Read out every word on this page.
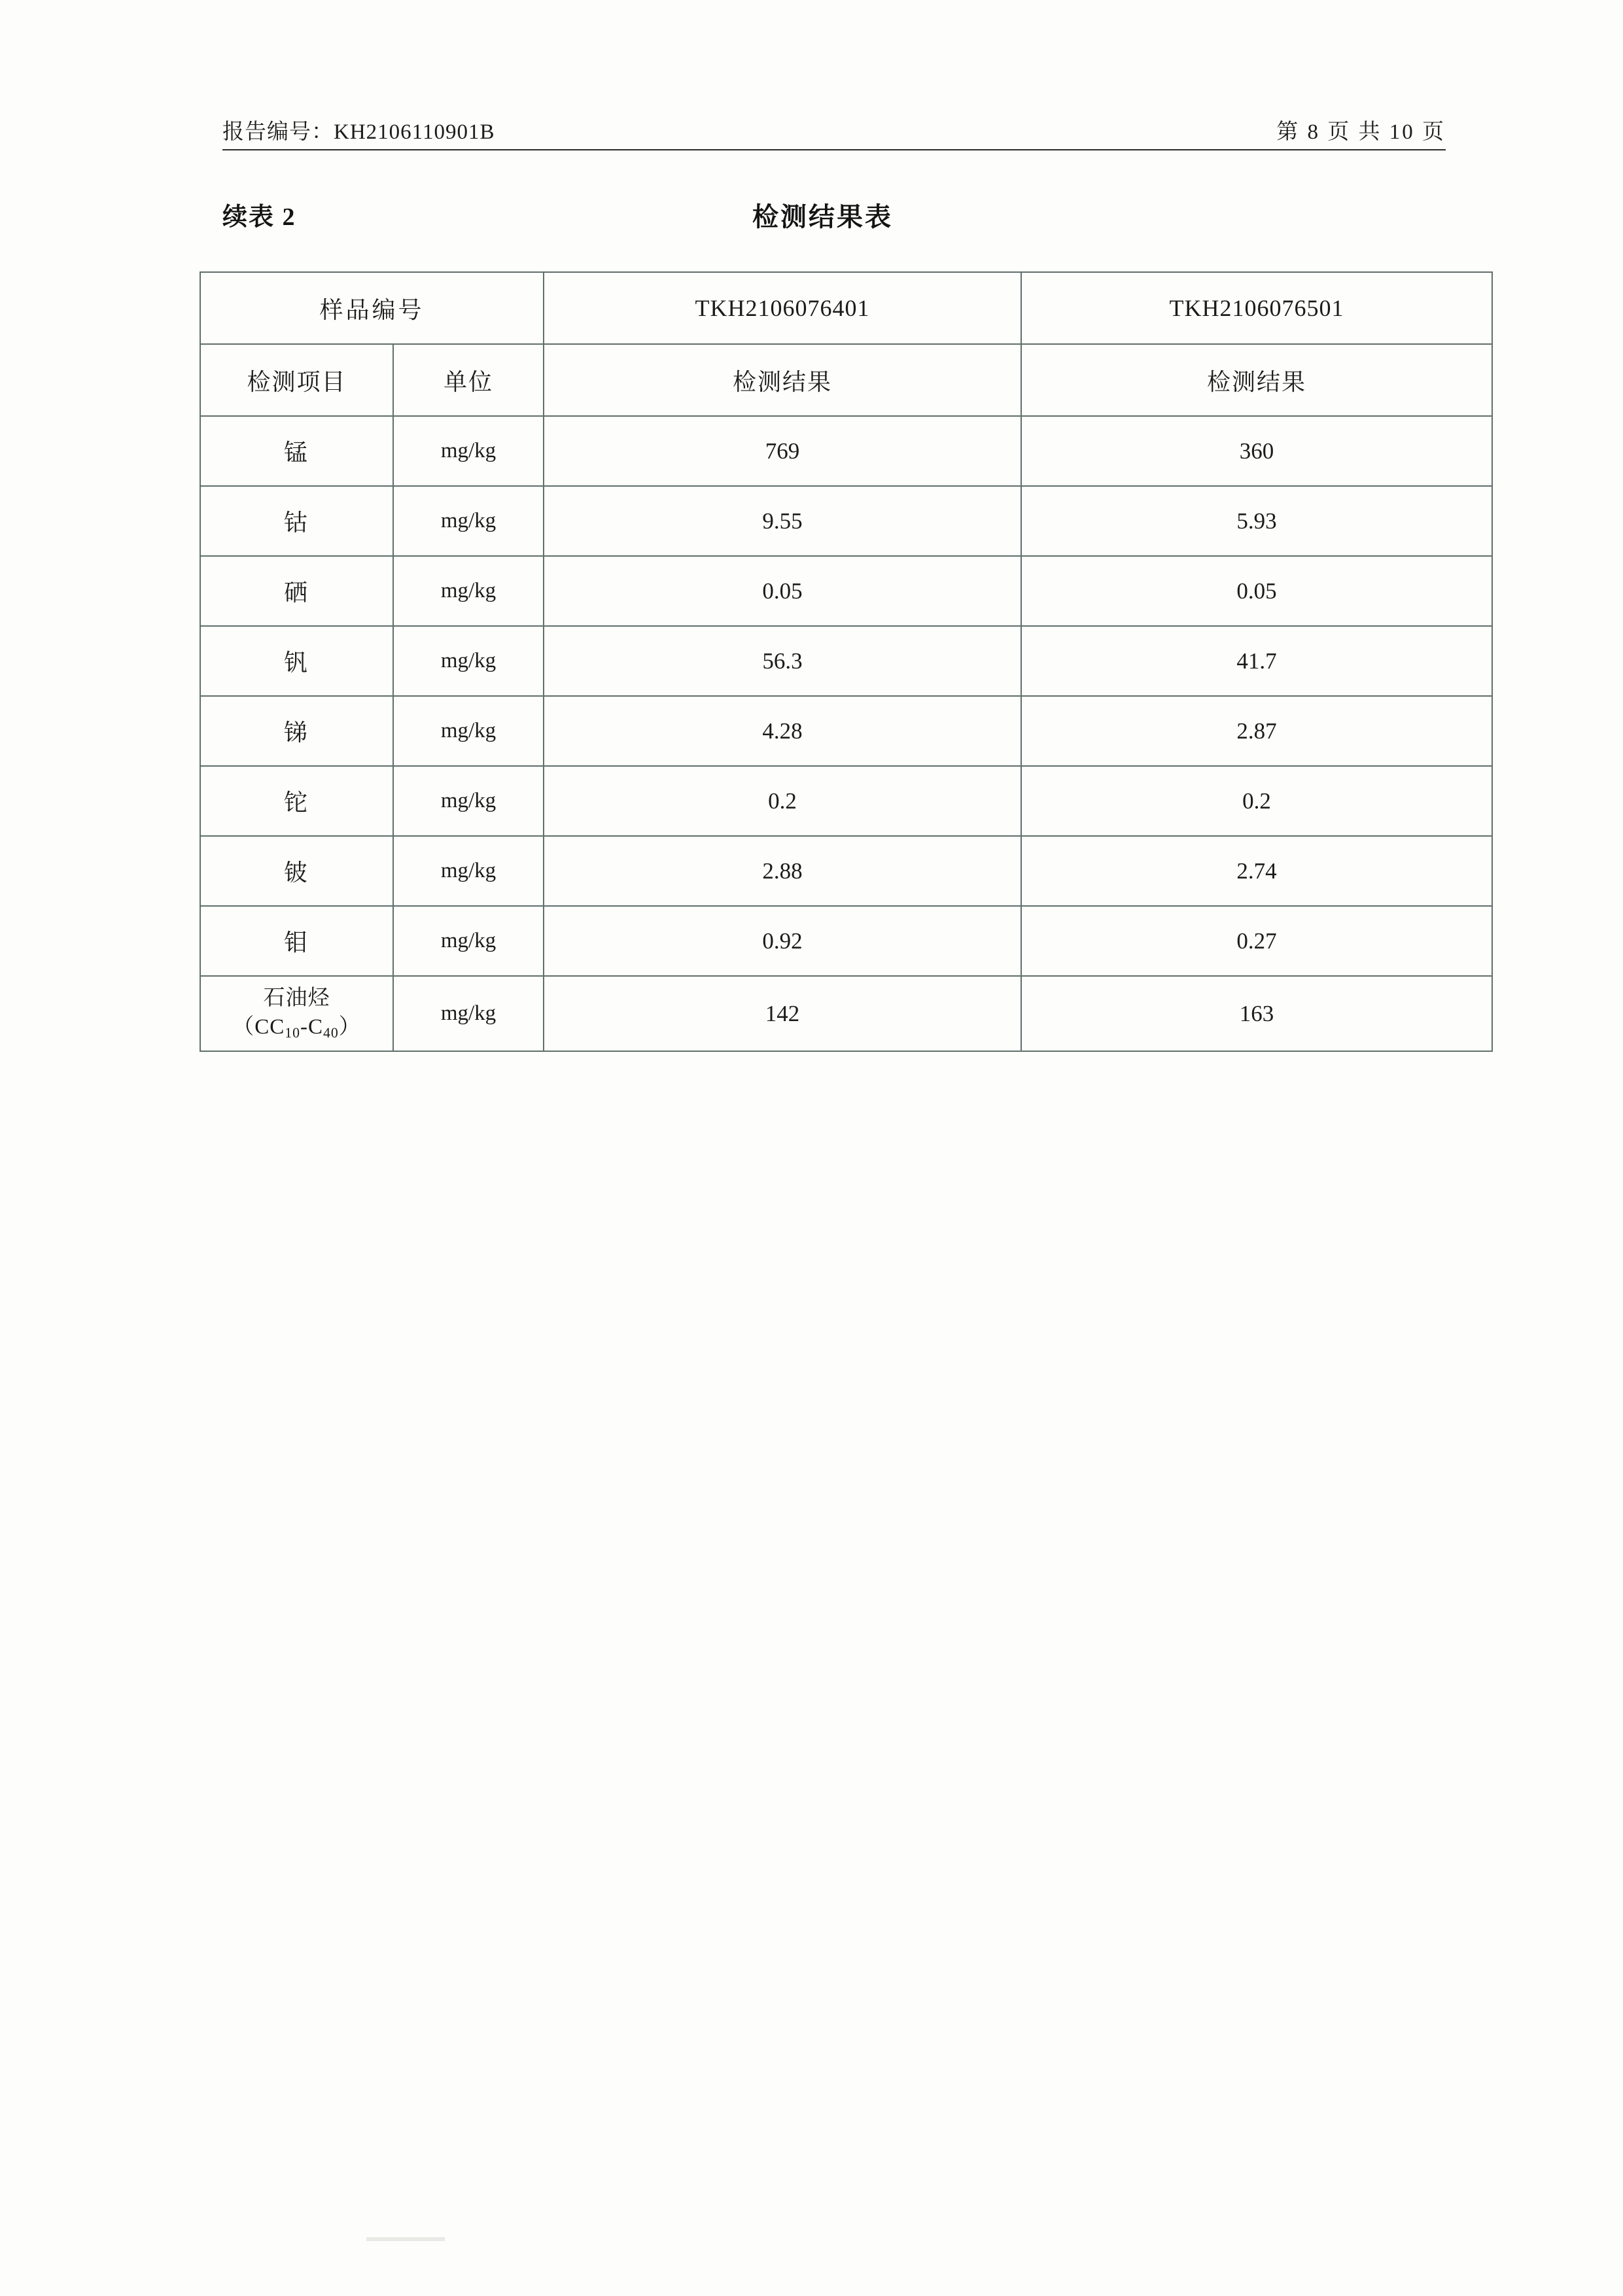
报告编号：KH2106110901B	第 8 页 共 10 页
续表 2	检测结果表
样品编号		TKH2106076401	TKH2106076501
检测项目	单位	检测结果	检测结果
锰	mg/kg	769	360
钴	mg/kg	9.55	5.93
硒	mg/kg	0.05	0.05
钒	mg/kg	56.3	41.7
锑	mg/kg	4.28	2.87
铊	mg/kg	0.2	0.2
铍	mg/kg	2.88	2.74
钼	mg/kg	0.92	0.27
石油烃
$(CC_{10}-C_{40})$	mg/kg	142	163
